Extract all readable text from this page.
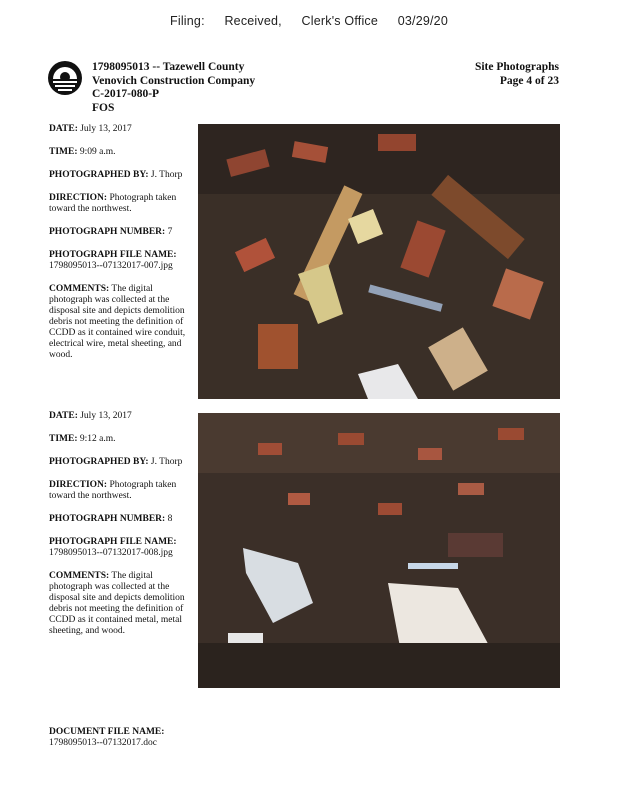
Filing: Received, Clerk's Office 03/29/20
1798095013 -- Tazewell County
Venovich Construction Company
C-2017-080-P
FOS
Site Photographs
Page 4 of 23
DATE: July 13, 2017
TIME: 9:09 a.m.
PHOTOGRAPHED BY: J. Thorp
DIRECTION: Photograph taken toward the northwest.
PHOTOGRAPH NUMBER: 7
PHOTOGRAPH FILE NAME:
1798095013--07132017-007.jpg
COMMENTS: The digital photograph was collected at the disposal site and depicts demolition debris not meeting the definition of CCDD as it contained wire conduit, electrical wire, metal sheeting, and wood.
DATE: July 13, 2017
TIME: 9:12 a.m.
PHOTOGRAPHED BY: J. Thorp
DIRECTION: Photograph taken toward the northwest.
PHOTOGRAPH NUMBER: 8
PHOTOGRAPH FILE NAME:
1798095013--07132017-008.jpg
COMMENTS: The digital photograph was collected at the disposal site and depicts demolition debris not meeting the definition of CCDD as it contained metal, metal sheeting, and wood.
DOCUMENT FILE NAME:
1798095013--07132017.doc
